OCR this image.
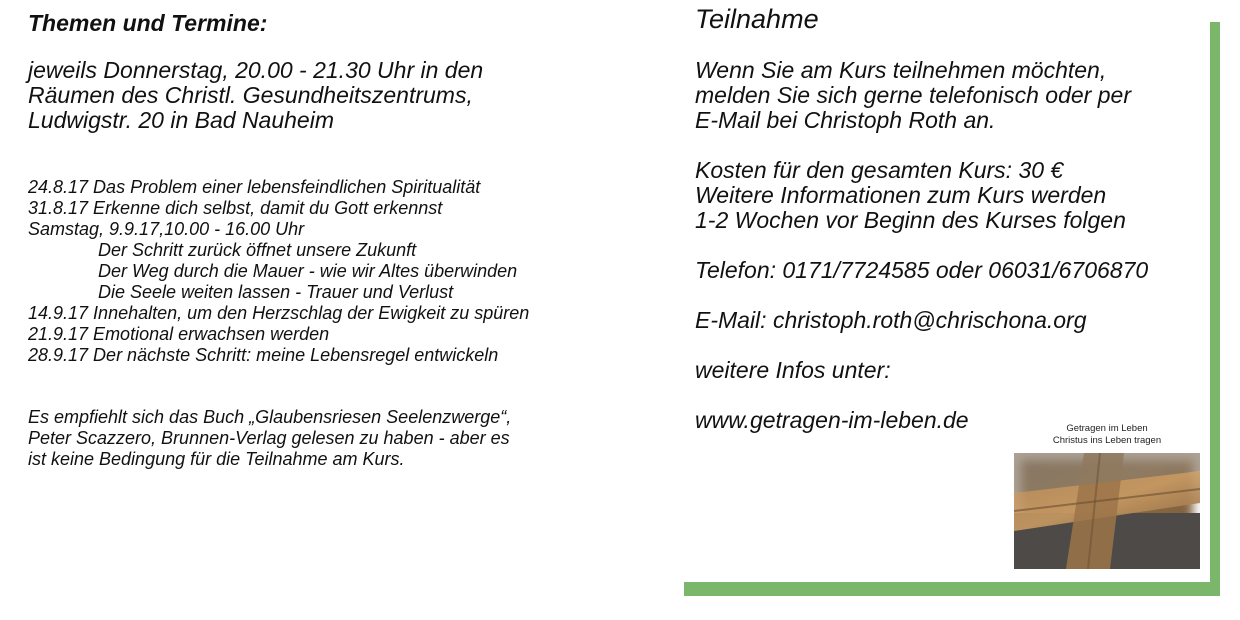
Themen und Termine:

jeweils Donnerstag, 20.00 - 21.30 Uhr in den
Räumen des Christl. Gesundheitszentrums,
Ludwigstr. 20 in Bad Nauheim

24.8.17 Das Problem einer lebensfeindlichen Spiritualität
31.8.17 Erkenne dich selbst, damit du Gott erkennst
Samstag, 9.9.17,10.00 - 16.00 Uhr
Der Schritt zurück öffnet unsere Zukunft
Der Weg durch die Mauer - wie wir Altes überwinden
Die Seele weiten lassen - Trauer und Verlust
14.9.17 Innehalten, um den Herzschlag der Ewigkeit zu spüren
21.9.17 Emotional erwachsen werden
28.9.17 Der nächste Schritt: meine Lebensregel entwickeln

Es empfiehlt sich das Buch „Glaubensriesen Seelenzwerge“,
Peter Scazzero, Brunnen-Verlag gelesen zu haben - aber es
ist keine Bedingung für die Teilnahme am Kurs.

Teilnahme

Wenn Sie am Kurs teilnehmen möchten,
melden Sie sich gerne telefonisch oder per
E-Mail bei Christoph Roth an.

Kosten für den gesamten Kurs: 30 €
Weitere Informationen zum Kurs werden
1-2 Wochen vor Beginn des Kurses folgen

Telefon: 0171/7724585 oder 06031/6706870

E-Mail: christoph.roth@chrischona.org

weitere Infos unter:

www.getragen-im-leben.de	Getragen im Leben
Christus ins Leben tragen
